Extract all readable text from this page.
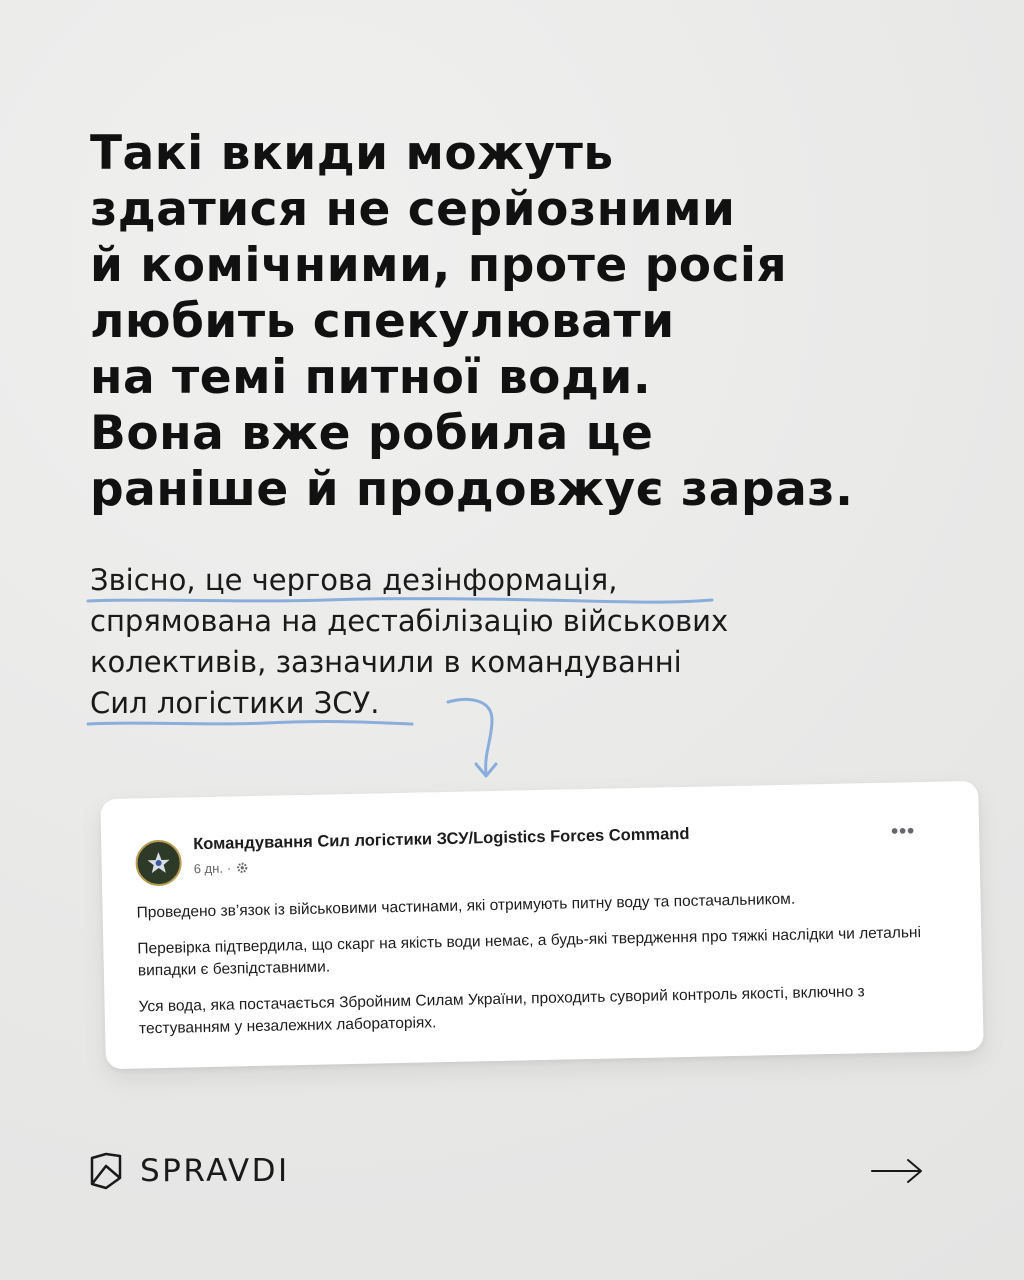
Такі вкиди можуть
здатися не серйозними
й комічними, проте росія
любить спекулювати
на темі питної води.
Вона вже робила це
раніше й продовжує зараз.
Звісно, це чергова дезінформація,
спрямована на дестабілізацію військових
колективів, зазначили в командуванні
Сил логістики ЗСУ
.
Командування Сил логістики ЗСУ/Logistics Forces Command
6 дн. ·
•••

Проведено зв’язок із військовими частинами, які отримують питну воду та постачальником.

Перевірка підтвердила, що скарг на якість води немає, а будь-які твердження про тяжкі наслідки чи летальні випадки є безпідставними.

Уся вода, яка постачається Збройним Силам України, проходить суворий контроль якості, включно з тестуванням у незалежних лабораторіях.

SPRAVDI
